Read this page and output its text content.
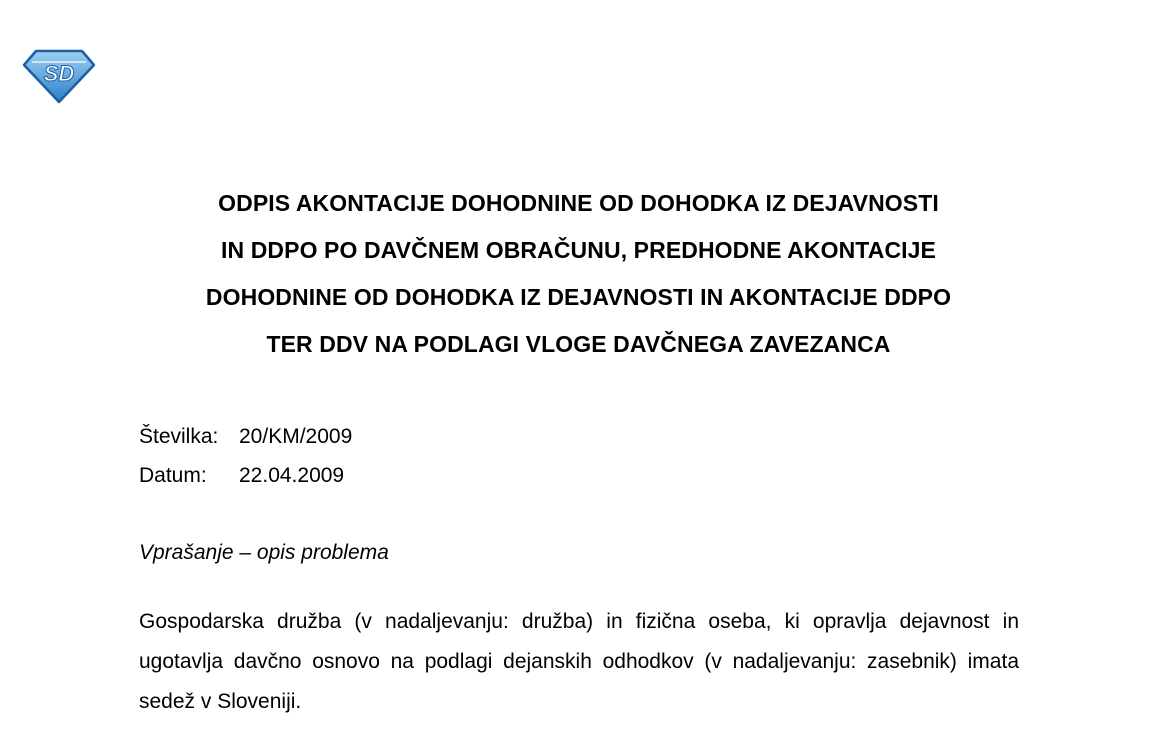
SD
ODPIS AKONTACIJE DOHODNINE OD DOHODKA IZ DEJAVNOSTI
IN DDPO PO DAVČNEM OBRAČUNU, PREDHODNE AKONTACIJE
DOHODNINE OD DOHODKA IZ DEJAVNOSTI IN AKONTACIJE DDPO
TER DDV NA PODLAGI VLOGE DAVČNEGA ZAVEZANCA
Številka: 20/KM/2009
Datum:	22.04.2009
Vprašanje – opis problema
Gospodarska družba (v nadaljevanju: družba) in fizična oseba, ki opravlja dejavnost in ugotavlja davčno osnovo na podlagi dejanskih odhodkov (v nadaljevanju: zasebnik) imata sedež v Sloveniji.
